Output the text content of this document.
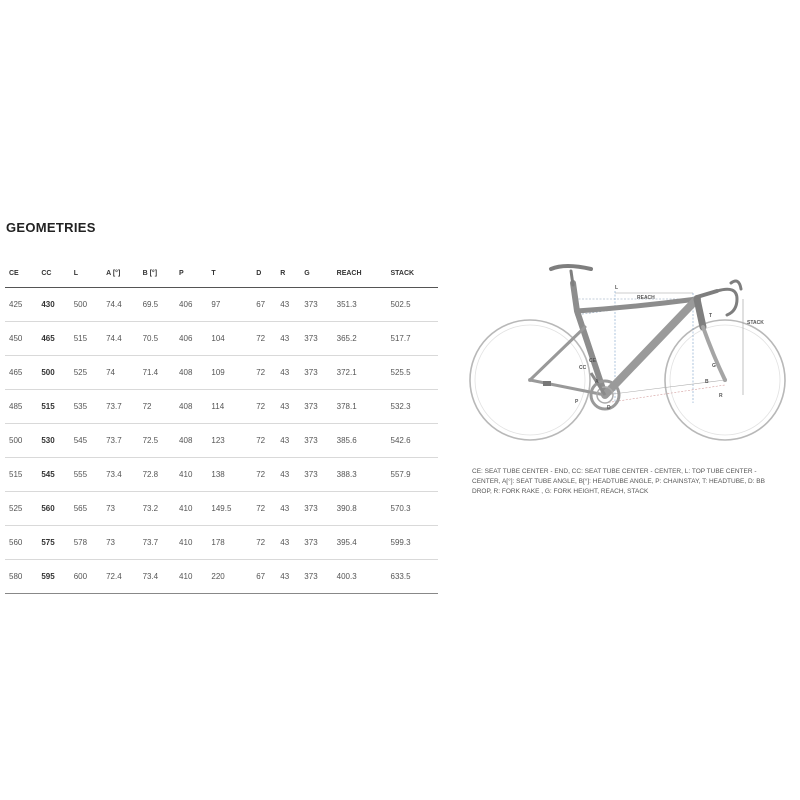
GEOMETRIES
CE	CC	L	A [°]	B [°]	P	T	D	R	G	REACH	STACK
425	430	500	74.4	69.5	406	97	67	43	373	351.3	502.5
450	465	515	74.4	70.5	406	104	72	43	373	365.2	517.7
465	500	525	74	71.4	408	109	72	43	373	372.1	525.5
485	515	535	73.7	72	408	114	72	43	373	378.1	532.3
500	530	545	73.7	72.5	408	123	72	43	373	385.6	542.6
515	545	555	73.4	72.8	410	138	72	43	373	388.3	557.9
525	560	565	73	73.2	410	149.5	72	43	373	390.8	570.3
560	575	578	73	73.7	410	178	72	43	373	395.4	599.3
580	595	600	72.4	73.4	410	220	67	43	373	400.3	633.5
REACH
STACK
L
CC
CE
A	B
T
D
R
G
P
CE: SEAT TUBE CENTER - END, CC: SEAT TUBE CENTER - CENTER, L: TOP TUBE CENTER - CENTER, A[°]: SEAT TUBE ANGLE, B[°]: HEADTUBE ANGLE, P: CHAINSTAY, T: HEADTUBE, D: BB DROP, R: FORK RAKE , G: FORK HEIGHT, REACH, STACK
